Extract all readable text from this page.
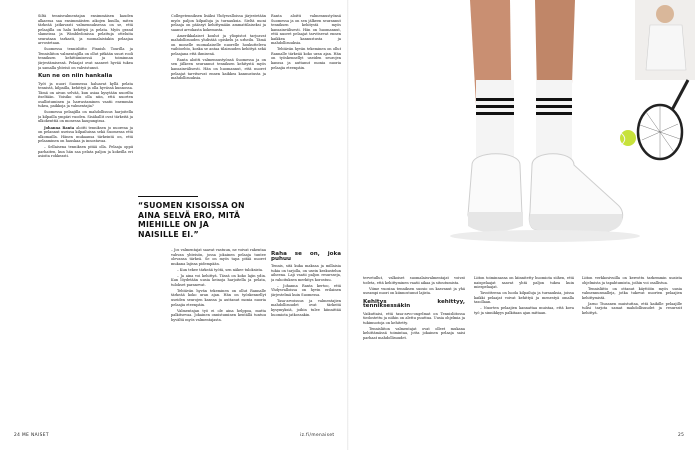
Siltä tennisvalmentajan ensimmäisen kauden alkaessa saa ensimmäisten aikojen kuulla, miten tärkeää jatkuvasti valmennuksessa on se, että pelaajilla on halu kehittyä ja pelata. Myös grand slameissa ja Wimbledonissa pelattuja otteluita seurataan tarkasti, ja suomalaistakin pelaajaa arvostetaan.

Suomessa tennisliitto Finnish Tourilla ja Tennisliiton valmentajilla on ollut pitkään suuri rooli tenniksen kehittämisessä ja toiminnan järjestämisessä. Pelaajat ovat saaneet hyvää tukea ja samalla yhteisö on vahvistunut.

Kun ne on niin hankalia

Työt ja nuori Suomessa haluavat kyllä pelata tennistä, kilpailla, kehittyä ja olla hyvässä kunnossa. Tämä on aivan selvää, kun asiaa kysytään nuorilta itseltään. Voisiko siis olla niin, että nuorten osallistuminen ja harrastaminen vaatii enemmän tukea, paikkoja ja valmentajia?

Suomessa pelaajilla on mahdollisuus harjoitella ja kilpailla ympäri vuoden. Sisähallit ovat tärkeitä ja ulkokenttiä on monessa kaupungissa.

Johanna Ranta aloitti tenniksen jo nuorena ja on pelannut useissa kilpailuissa sekä Suomessa että ulkomailla. Hänen mukaansa tärkeintä on, että pelaaminen on hauskaa ja innostavaa.

– Sellaisena tenniksen pitää olla. Pelaaja oppii parhaiten, kun hän saa pelata paljon ja kokeilla eri asioita rohkeasti.

Collegetenniksen lisäksi Yhdysvalloissa järjestetään myös paljon kilpailuja ja turnauksia. Sieltä moni pelaaja on päässyt kehittymään ammattilaiseksi ja saanut arvokasta kokemusta.

Amerikkalaiset koulut ja yliopistot tarjoavat mahdollisuuden yhdistää opiskelu ja urheilu. Tämä on monelle suomalaiselle nuorelle houkutteleva vaihtoehto, koska se antaa tilaisuuden kehittyä sekä pelaajana että ihmisenä.

Ranta aloitti valmennustyönsä Suomessa ja on sen jälkeen seurannut tenniksen kehitystä myös kansainvälisesti. Hän on huomannut, että nuoret pelaajat tarvitsevat ennen kaikkea kannustusta ja mahdollisuuksia.

“SUOMEN KISOISSA ON AINA SELVÄ ERO, MITÄ MIEHILLE ON JA NAISILLE EI.”

– Jos valmentajat saavat vastuun, ne voivat rakentaa vahvan yhteisön, jossa jokainen pelaaja tuntee olevansa tärkeä. Se on myös tapa pitää nuoret mukana lajissa pidempään.

– Kun tekee tärkeää työtä, sen näkee tuloksista.

– Ja aina voi kehittyä. Tässä on koko lajin ydin. Kun löydetään uusia keinoja harjoitella ja pelata, tulokset paranevat.

Tehtävän hyvän tekeminen on ollut Rannalle tärkeää koko uran ajan. Hän on työskennellyt useiden seurojen kanssa ja auttanut monia nuoria pelaajia eteenpäin.

Valmentajan työ ei ole aina helppoa, mutta palkitsevaa. Jokainen onnistuminen kentällä tuntuu hyvältä myös valmentajasta.

Ranta aloitti valmennustyönsä Suomessa ja on sen jälkeen seurannut tenniksen kehitystä myös kansainvälisesti. Hän on huomannut, että nuoret pelaajat tarvitsevat ennen kaikkea kannustusta ja mahdollisuuksia.

Tehtävän hyvän tekeminen on ollut Rannalle tärkeää koko uran ajan. Hän on työskennellyt useiden seurojen kanssa ja auttanut monia nuoria pelaajia eteenpäin.

Raha se on, joka puhuu

Tennis, sitä kuka maksaa ja millaisia tukia on tarjolla, on usein keskustelun aiheena. Laji vaatii paljon resursseja, ja rahoituksen merkitys korostuu.

– Johanna Ranta kertoo, että Yhdysvalloissa on hyvin erilainen järjestelmä kuin Suomessa.

Tasa-arvoisuus ja valmentajien mahdollisuudet ovat tärkeitä kysymyksiä, joihin tulee kiinnittää huomiota jatkossakin.

tervetullut, valkoiset suomalaisvalmentajat voivat todeta, että kehittyminen vaatii aikaa ja sitoutumista.

Viime vuosina tenniksen suosio on kasvanut ja yhä useampi nuori on kiinnostunut lajista.

Kehitys kehittyy, tenniksessäkin

Vaikuttaisi, että tasa-arvo-ongelmat on Tennisliitossa tiedostettu ja niihin on alettu puuttua. Uusia ohjelmia ja tukimuotoja on kehitetty.

Tennisliiton valmentajat ovat olleet mukana kehittämässä toimintaa, jotta jokainen pelaaja saisi parhaat mahdollisuudet.

Liiton toiminnassa on kiinnitetty huomiota siihen, että naispelaajat saavat yhtä paljon tukea kuin miespelaajat.

Tavoitteena on luoda kilpailuja ja turnauksia, joissa kaikki pelaajat voivat kehittyä ja menestyä omalla tasollaan.

– Nuorten pelaajien kannattaa muistaa, että kova työ ja sinnikkyys palkitaan ajan mittaan.

Liiton verkkosivuilla on kerrottu tarkemmin uusista ohjelmista ja tapahtumista, joihin voi osallistua.

Tennisliitto on ottanut käyttöön myös uusia valmennusmalleja, jotka tukevat nuorten pelaajien kehittymistä.

Jarno Tiusanen muistuttaa, että kaikille pelaajille tulisi tarjota samat mahdollisuudet ja resurssit kehittyä.

24 ME NAISET	iz.fi/menaiset	25
